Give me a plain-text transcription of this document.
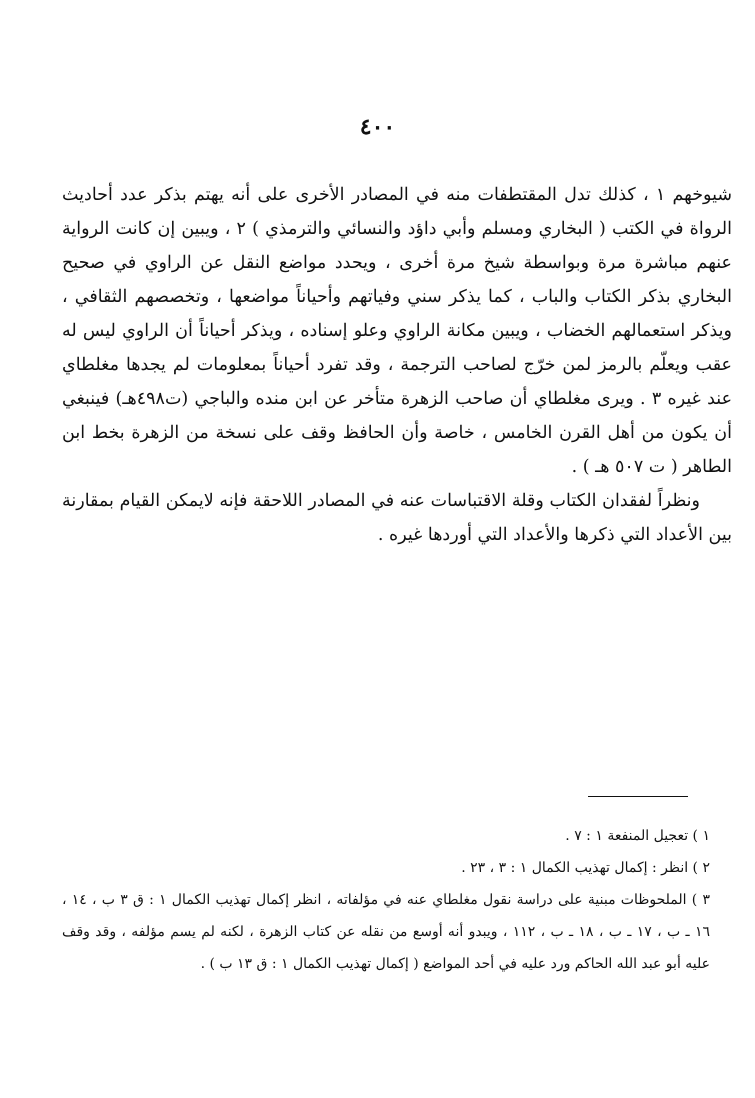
٤٠٠

شيوخهم ١ ، كذلك تدل المقتطفات منه في المصادر الأخرى على أنه يهتم بذكر عدد أحاديث الرواة في الكتب ( البخاري ومسلم وأبي داؤد والنسائي والترمذي ) ٢ ، ويبين إن كانت الرواية عنهم مباشرة مرة وبواسطة شيخ مرة أخرى ، ويحدد مواضع النقل عن الراوي في صحيح البخاري بذكر الكتاب والباب ، كما يذكر سني وفياتهم وأحياناً مواضعها ، وتخصصهم الثقافي ، ويذكر استعمالهم الخضاب ، ويبين مكانة الراوي وعلو إسناده ، ويذكر أحياناً أن الراوي ليس له عقب ويعلّم بالرمز لمن خرّج لصاحب الترجمة ، وقد تفرد أحياناً بمعلومات لم يجدها مغلطاي عند غيره ٣ . ويرى مغلطاي أن صاحب الزهرة متأخر عن ابن منده والباجي (ت٤٩٨هـ) فينبغي أن يكون من أهل القرن الخامس ، خاصة وأن الحافظ وقف على نسخة من الزهرة بخط ابن الطاهر ( ت ٥٠٧ هـ ) .

ونظراً لفقدان الكتاب وقلة الاقتباسات عنه في المصادر اللاحقة فإنه لايمكن القيام بمقارنة بين الأعداد التي ذكرها والأعداد التي أوردها غيره .

١ ) تعجيل المنفعة ١ : ٧ .

٢ ) انظر : إكمال تهذيب الكمال ١ : ٣ ، ٢٣ .

٣ ) الملحوظات مبنية على دراسة نقول مغلطاي عنه في مؤلفاته ، انظر إكمال تهذيب الكمال ١ : ق ٣ ب ، ١٤ ، ١٦ ـ ب ، ١٧ ـ ب ، ١٨ ـ ب ، ١١٢ ، ويبدو أنه أوسع من نقله عن كتاب الزهرة ، لكنه لم يسم مؤلفه ، وقد وقف عليه أبو عبد الله الحاكم ورد عليه في أحد المواضع ( إكمال تهذيب الكمال ١ : ق ١٣ ب ) .
